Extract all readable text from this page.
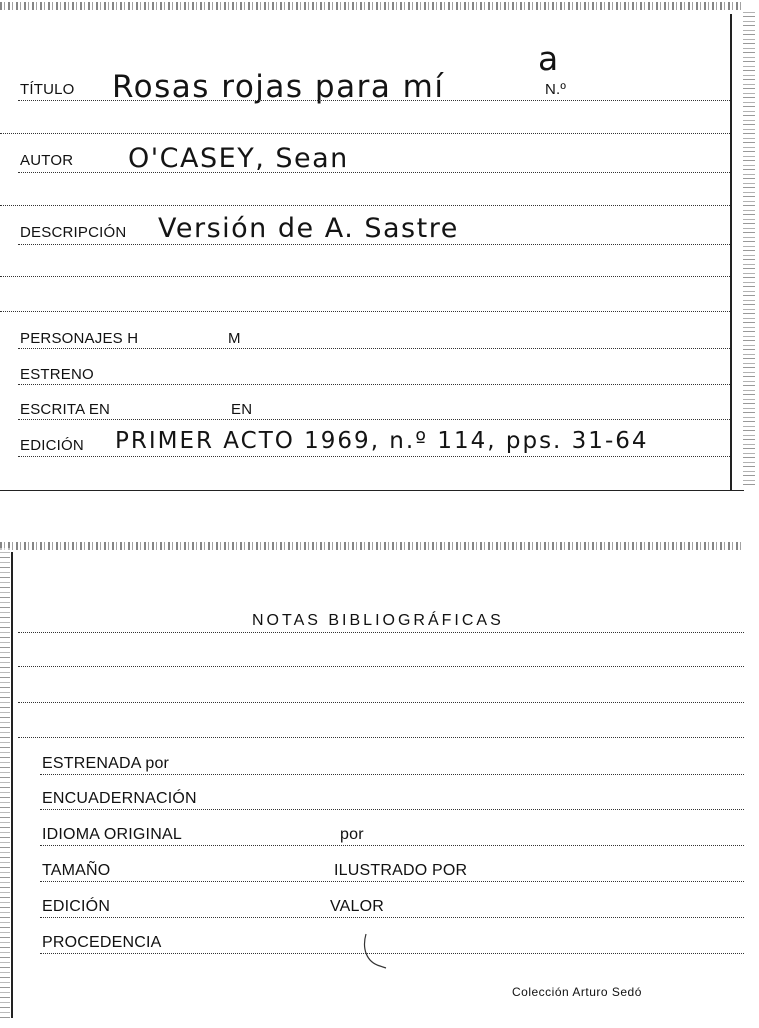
TÍTULO Rosas rojas para mí
a
N.º
AUTOR O'CASEY, Sean
DESCRIPCIÓN Versión de A. Sastre
PERSONAJES H	M
ESTRENO
ESCRITA EN	EN
EDICIÓN PRIMER ACTO 1969, n.º 114, pps. 31-64
NOTAS BIBLIOGRÁFICAS
ESTRENADA por
ENCUADERNACIÓN
IDIOMA ORIGINAL	por
TAMAÑO	ILUSTRADO POR
EDICIÓN	VALOR
PROCEDENCIA
Colección Arturo Sedó
